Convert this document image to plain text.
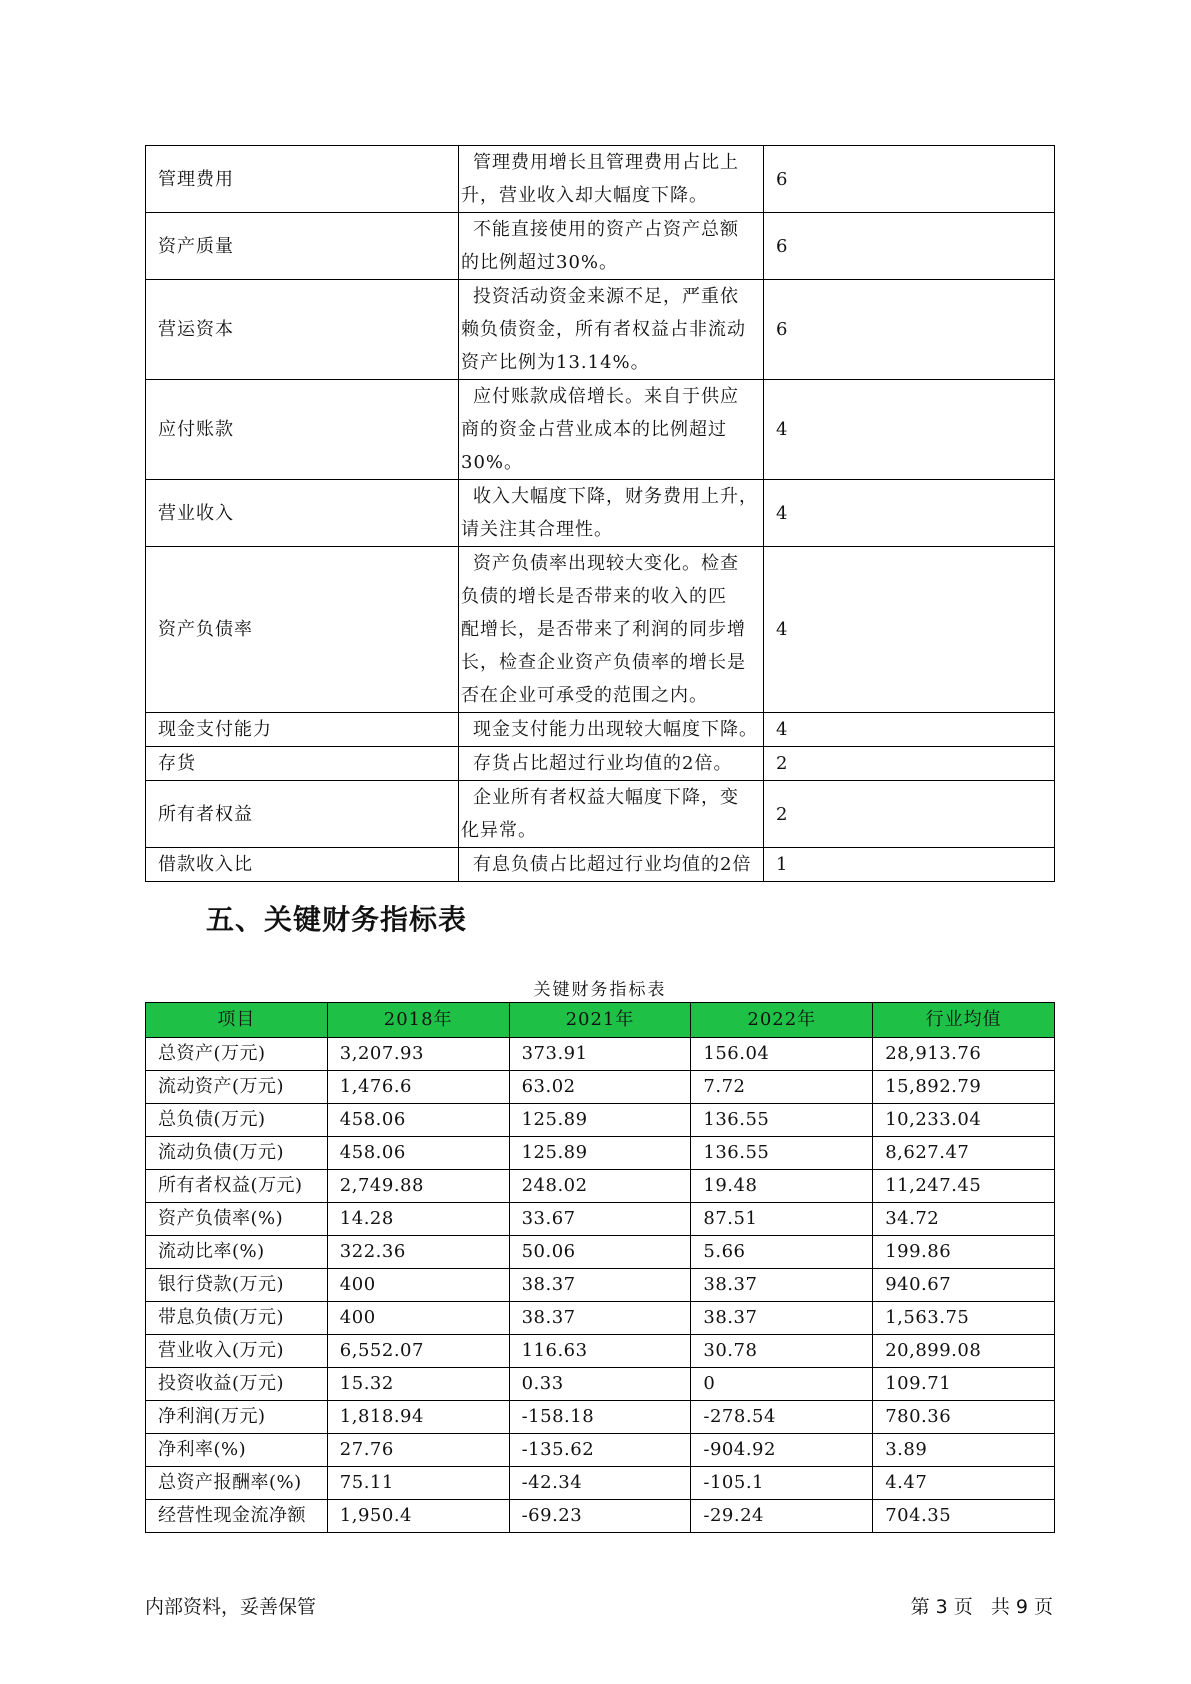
管理费用	管理费用增长且管理费用占比上
升，营业收入却大幅度下降。	6
资产质量	不能直接使用的资产占资产总额
的比例超过30%。	6
营运资本	投资活动资金来源不足，严重依
赖负债资金，所有者权益占非流动
资产比例为13.14%。	6
应付账款	应付账款成倍增长。来自于供应
商的资金占营业成本的比例超过
30%。	4
营业收入	收入大幅度下降，财务费用上升，
请关注其合理性。	4
资产负债率	资产负债率出现较大变化。检查
负债的增长是否带来的收入的匹
配增长，是否带来了利润的同步增
长，检查企业资产负债率的增长是
否在企业可承受的范围之内。	4
现金支付能力	现金支付能力出现较大幅度下降。	4
存货	存货占比超过行业均值的2倍。	2
所有者权益	企业所有者权益大幅度下降，变
化异常。	2
借款收入比	有息负债占比超过行业均值的2倍	1
五、关键财务指标表
关键财务指标表
项目	2018年	2021年	2022年	行业均值
总资产(万元)	3,207.93	373.91	156.04	28,913.76
流动资产(万元)	1,476.6	63.02	7.72	15,892.79
总负债(万元)	458.06	125.89	136.55	10,233.04
流动负债(万元)	458.06	125.89	136.55	8,627.47
所有者权益(万元)	2,749.88	248.02	19.48	11,247.45
资产负债率(%)	14.28	33.67	87.51	34.72
流动比率(%)	322.36	50.06	5.66	199.86
银行贷款(万元)	400	38.37	38.37	940.67
带息负债(万元)	400	38.37	38.37	1,563.75
营业收入(万元)	6,552.07	116.63	30.78	20,899.08
投资收益(万元)	15.32	0.33	0	109.71
净利润(万元)	1,818.94	-158.18	-278.54	780.36
净利率(%)	27.76	-135.62	-904.92	3.89
总资产报酬率(%)	75.11	-42.34	-105.1	4.47
经营性现金流净额	1,950.4	-69.23	-29.24	704.35
内部资料，妥善保管	第 3 页   共 9 页
